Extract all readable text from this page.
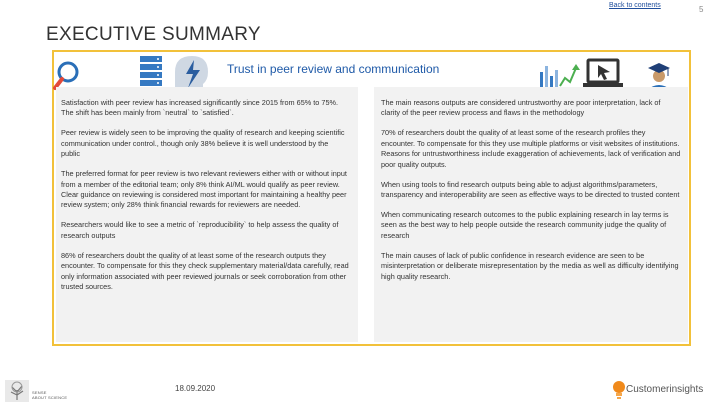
Back to contents	5
EXECUTIVE SUMMARY
Trust in peer review and communication

Satisfaction with peer review has increased significantly since 2015 from 65% to 75%. The shift has been mainly from `neutral` to `satisfied`.

Peer review is widely seen to be improving the quality of research and keeping scientific communication under control., though only 38% believe it is well understood by the public

The preferred format for peer review is two relevant reviewers either with or without input from a member of the editorial team; only 8% think AI/ML would qualify as peer review. Clear guidance on reviewing is considered most important for maintaining a healthy peer review system; only 28% think financial rewards for reviewers are needed.

Researchers would like to see a metric of `reproducibility` to help assess the quality of research outputs

86% of researchers doubt the quality of at least some of the research outputs they encounter. To compensate for this they check supplementary material/data carefully, read only information associated with peer reviewed journals or seek corroboration from other trusted sources.

The main reasons outputs are considered untrustworthy are poor interpretation, lack of clarity of the peer review process and flaws in the methodology

70% of researchers doubt the quality of at least some of the research profiles they encounter. To compensate for this they use multiple platforms or visit websites of institutions. Reasons for untrustworthiness include exaggeration of achievements, lack of verification and poor quality outputs.

When using tools to find research outputs being able to adjust algorithms/parameters, transparency and interoperability are seen as effective ways to be directed to trusted content

When communicating research outcomes to the public explaining research in lay terms is seen as the best way to help people outside the research community judge the quality of research

The main causes of lack of public confidence in research evidence are seen to be misinterpretation or deliberate misrepresentation by the media as well as difficulty identifying high quality research.

SENSE
ABOUT SCIENCE
18.09.2020	Customerinsights
